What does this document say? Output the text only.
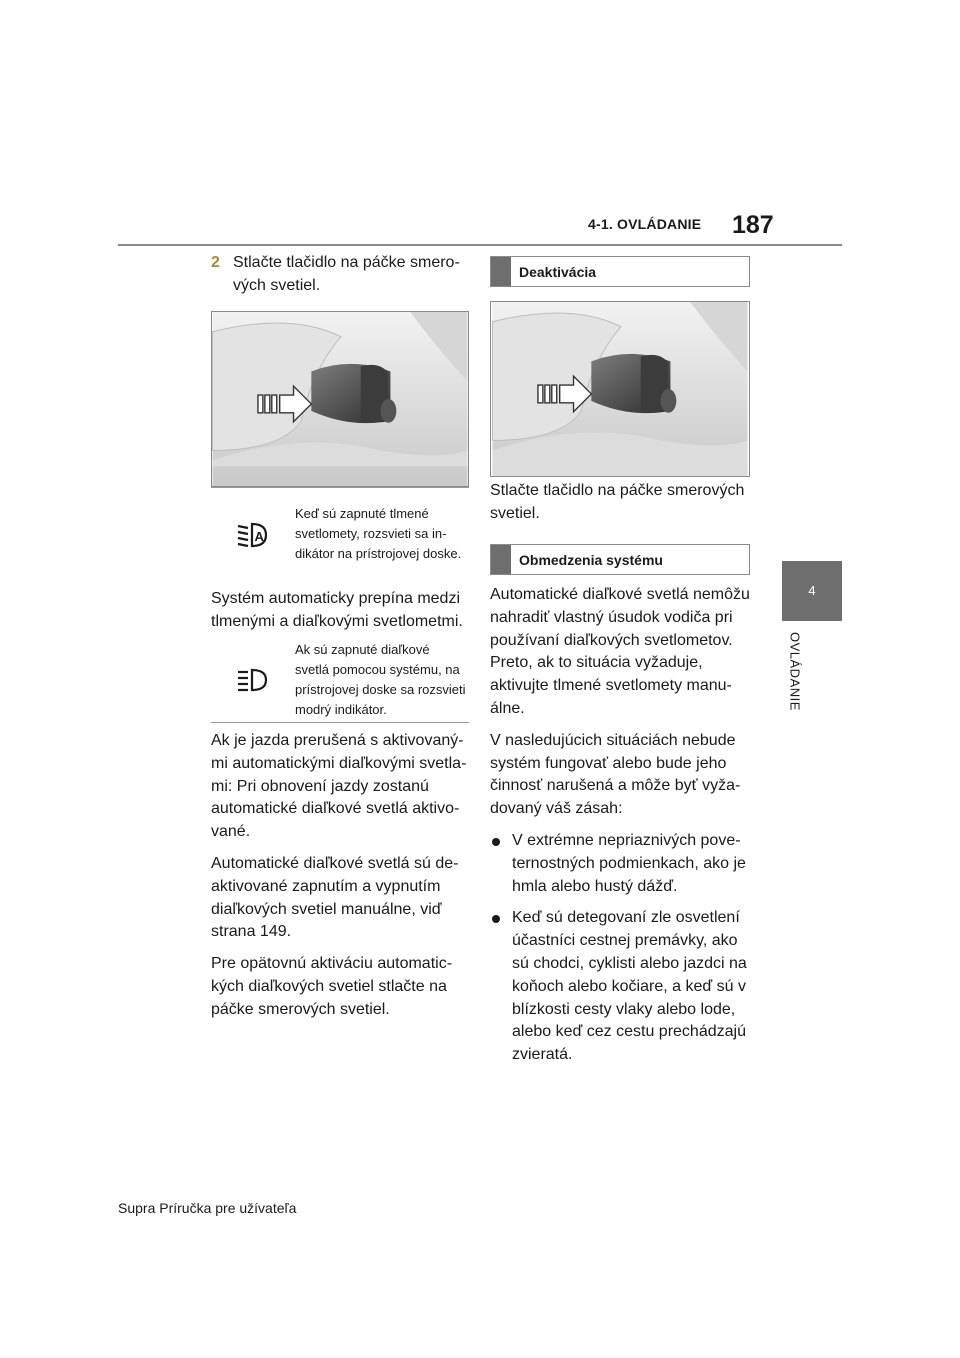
4-1. OVLÁDANIE 187
4
OVLÁDANIE
2 Stlačte tlačidlo na páčke smerových svetiel.
A
Keď sú zapnuté tlmené svetlomety, rozsvieti sa indikátor na prístrojovej doske.

Systém automaticky prepína medzi tlmenými a diaľkovými svetlometmi.

Ak sú zapnuté diaľkové svetlá pomocou systému, na prístrojovej doske sa rozsvieti modrý indikátor.

Ak je jazda prerušená s aktivovanými automatickými diaľkovými svetlami: Pri obnovení jazdy zostanú automatické diaľkové svetlá aktivované.

Automatické diaľkové svetlá sú deaktivované zapnutím a vypnutím diaľkových svetiel manuálne, viď strana 149.

Pre opätovnú aktiváciu automatických diaľkových svetiel stlačte na páčke smerových svetiel.

Deaktivácia

Stlačte tlačidlo na páčke smerových svetiel.

Obmedzenia systému

Automatické diaľkové svetlá nemôžu nahradiť vlastný úsudok vodiča pri používaní diaľkových svetlometov. Preto, ak to situácia vyžaduje, aktivujte tlmené svetlomety manuálne.

V nasledujúcich situáciách nebude systém fungovať alebo bude jeho činnosť narušená a môže byť vyžadovaný váš zásah:

V extrémne nepriaznivých poveternostných podmienkach, ako je hmla alebo hustý dážď.
Keď sú detegovaní zle osvetlení účastníci cestnej premávky, ako sú chodci, cyklisti alebo jazdci na koňoch alebo kočiare, a keď sú v blízkosti cesty vlaky alebo lode, alebo keď cez cestu prechádzajú zvieratá.
Supra Príručka pre užívateľa
